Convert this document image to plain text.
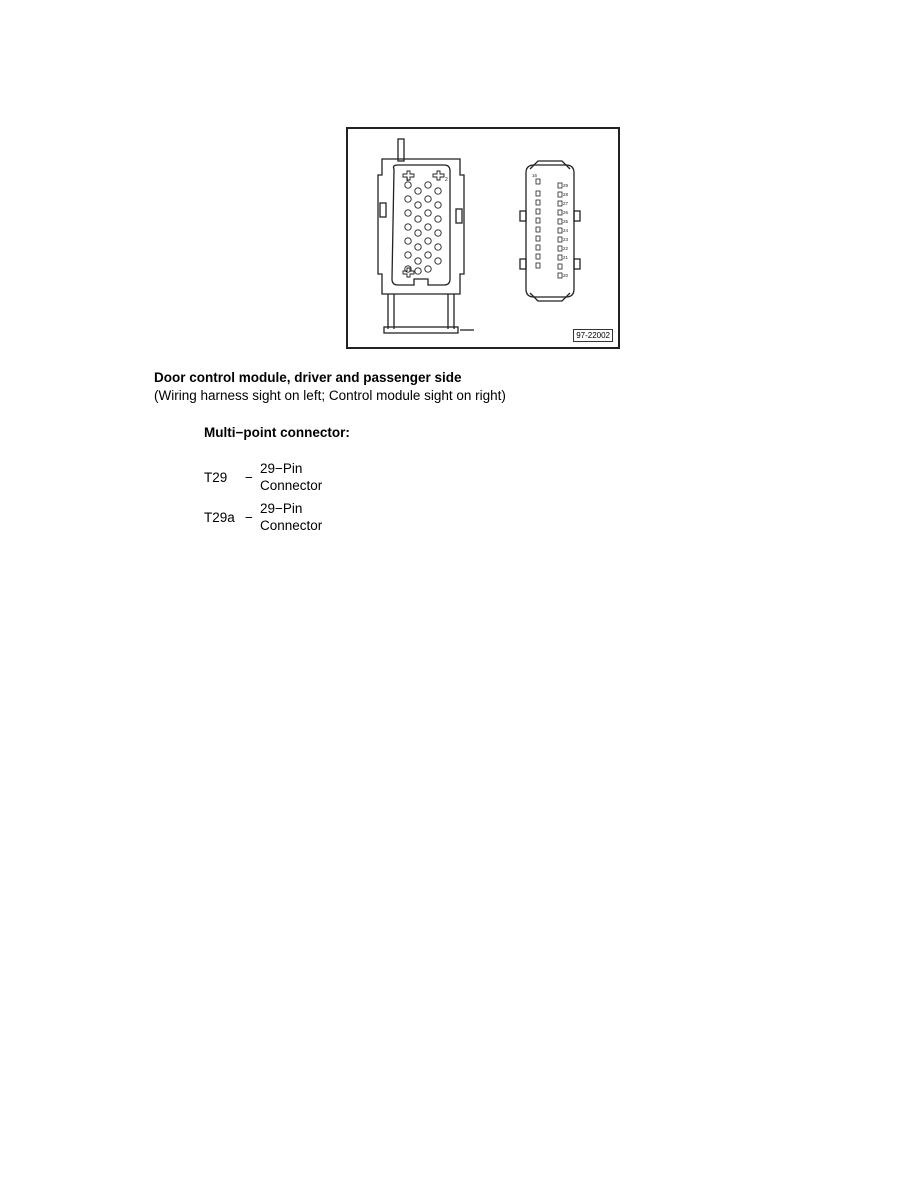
1	2
16
29
28
27
26
25
24
23
22
21
20
97-22002
Door control module, driver and passenger side
(Wiring harness sight on left; Control module sight on right)
Multi−point connector:
T29 −
29−Pin
Connector
T29a −
29−Pin
Connector
